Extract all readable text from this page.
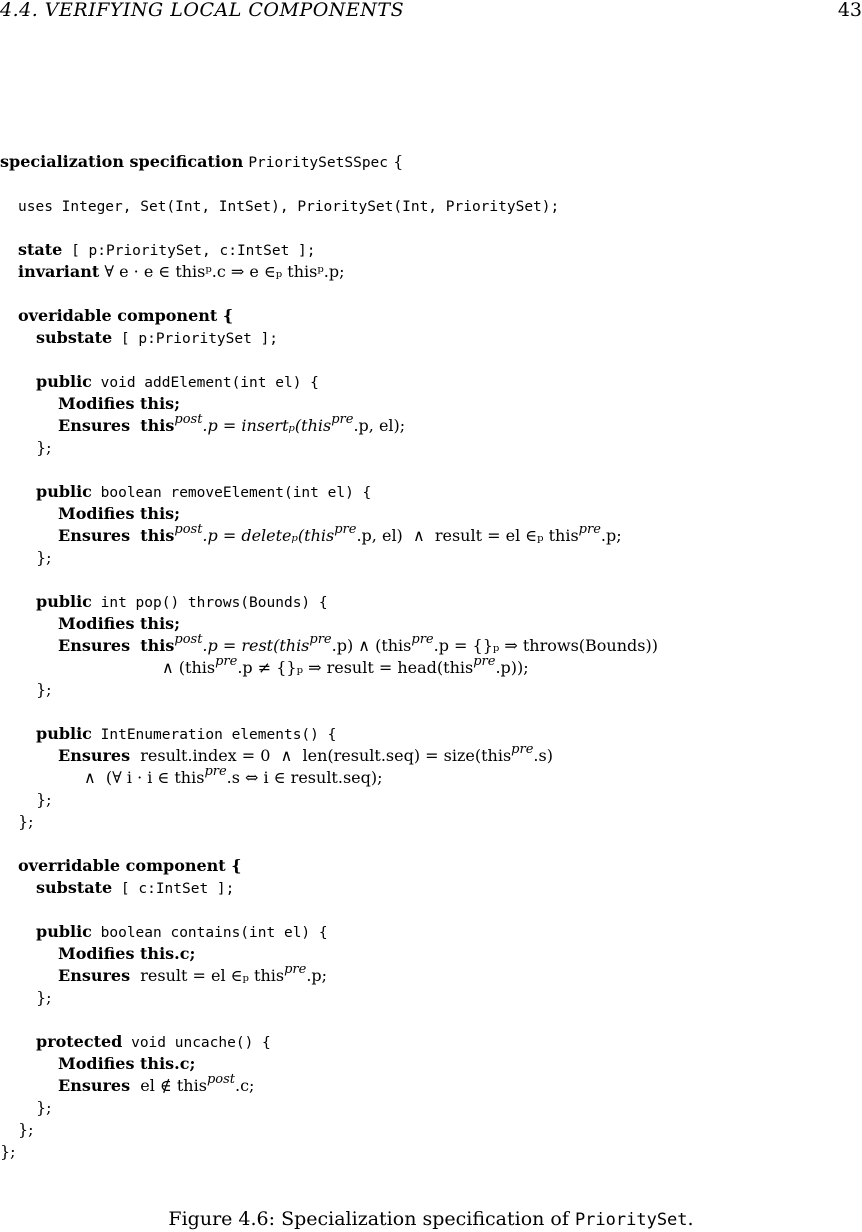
4.4. VERIFYING LOCAL COMPONENTS	43
specialization specification PrioritySetSSpec {
uses Integer, Set(Int, IntSet), PrioritySet(Int, PrioritySet);
state [ p:PrioritySet, c:IntSet ];
invariant ∀ e · e ∈ thisᵖ.c ⇒ e ∈ₚ thisᵖ.p;
overidable component {
substate [ p:PrioritySet ];
public void addElement(int el) {
Modifies this;
Ensures this$^{post}$.p = insertₚ(this$^{pre}$.p, el);
};
public boolean removeElement(int el) {
Modifies this;
Ensures this$^{post}$.p = deleteₚ(this$^{pre}$.p, el)  ∧  result = el ∈ₚ this$^{pre}$.p;
};
public int pop() throws(Bounds) {
Modifies this;
Ensures this$^{post}$.p = rest(this$^{pre}$.p) ∧ (this$^{pre}$.p = {}ₚ ⇒ throws(Bounds))
∧ (this$^{pre}$.p ≠ {}ₚ ⇒ result = head(this$^{pre}$.p));
};
public IntEnumeration elements() {
Ensures result.index = 0  ∧  len(result.seq) = size(this$^{pre}$.s)
∧  (∀ i · i ∈ this$^{pre}$.s ⇔ i ∈ result.seq);
};
};
overridable component {
substate [ c:IntSet ];
public boolean contains(int el) {
Modifies this.c;
Ensures result = el ∈ₚ this$^{pre}$.p;
};
protected void uncache() {
Modifies this.c;
Ensures el ∉ this$^{post}$.c;
};
};
};
Figure 4.6: Specialization specification of PrioritySet.
